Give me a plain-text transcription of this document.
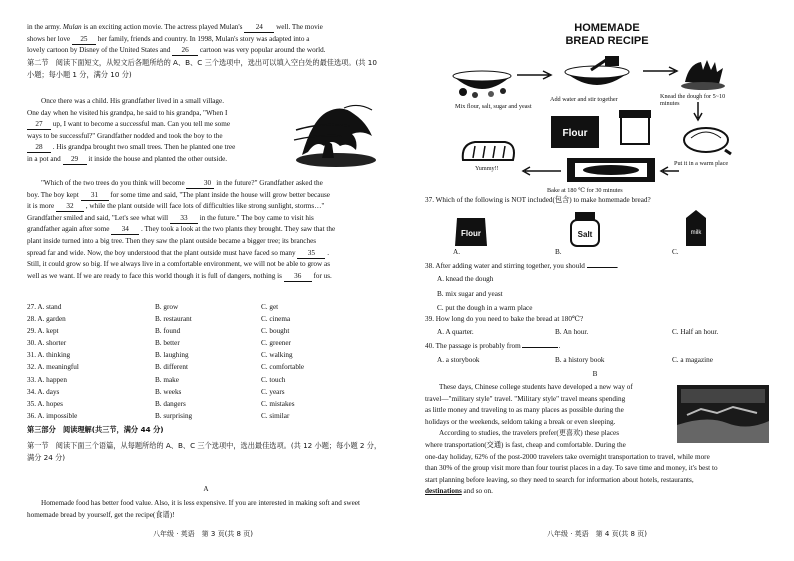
in the army. Mulan is an exciting action movie. The actress played Mulan's 24 well. The movie

shows her love 25 her family, friends and country. In 1998, Mulan's story was adapted into a

lovely cartoon by Disney of the United States and 26 cartoon was very popular around the world.

第二节　阅读下面短文，从短文后各题所给的 A、B、C 三个选项中，选出可以填入空白处的最佳选项。(共 10 小题；每小题 1 分，满分 10 分)

Once there was a child. His grandfather lived in a small village.

One day when he visited his grandpa, he said to his grandpa, "When I

27 up, I want to become a successful man. Can you tell me some

ways to be successful?" Grandfather nodded and took the boy to the

28 . His grandpa brought two small trees. Then he planted one tree

in a pot and 29 it inside the house and planted the other outside.

"Which of the two trees do you think will become	30 in the future?" Grandfather asked the

boy. The boy kept 31 for some time and said, "The plant inside the house will grow better because

it is more 32 , while the plant outside will face lots of difficulties like strong sunlight, storms…"

Grandfather smiled and said, "Let's see what will 33 in the future." The boy came to visit his

grandfather again after some 34 . They took a look at the two plants they brought. They saw that the

plant inside turned into a big tree. Then they saw the plant outside became a bigger tree; its branches

spread far and wide. Now, the boy understood that the plant outside must have faced so many 35 .

Still, it could grow so big. If we always live in a comfortable environment, we will not be able to grow as

well as we want. If we are ready to face this world though it is full of dangers, nothing is 36 for us.

27. A. stand	B. grow	C. get
28. A. garden	B. restaurant	C. cinema
29. A. kept	B. found	C. bought
30. A. shorter	B. better	C. greener
31. A. thinking	B. laughing	C. walking
32. A. meaningful	B. different	C. comfortable
33. A. happen	B. make	C. touch
34. A. days	B. weeks	C. years
35. A. hopes	B. dangers	C. mistakes
36. A. impossible	B. surprising	C. similar
第三部分　阅读理解(共三节，满分 44 分)
第一节　阅读下面三个语篇，从每题所给的 A、B、C 三个选项中，选出最佳选项。(共 12 小题；每小题 2 分，满分 24 分)
A
Homemade food has better food value. Also, it is less expensive. If you are interested in making soft and sweet homemade bread by yourself, get the recipe(食谱)!
八年级 · 英语　第 3 页(共 8 页)
HOMEMADE
BREAD RECIPE
Mix flour, salt, sugar and yeast
Add water and stir together	Knead the dough for 5~10 minutes
Flour
Put it in a warm place
Yummy!!
Bake at 180 ℃ for 30 minutes
37. Which of the following is NOT included(包含) to make homemade bread?
Flour	Salt	milk
A.	B.	C.
38. After adding water and stirring together, you should	.

A. knead the dough

B. mix sugar and yeast

C. put the dough in a warm place

39. How long do you need to bake the bread at 180℃?
A. A quarter.	B. An hour.	C. Half an hour.
40. The passage is probably from	.
A. a storybook	B. a history book	C. a magazine
B

These days, Chinese college students have developed a new way of

travel—"military style" travel. "Military style" travel means spending

as little money and traveling to as many places as possible during the

holidays or the weekends, seldom taking a break or even sleeping.

According to studies, the travelers prefer(更喜欢) these places

where transportation(交通) is fast, cheap and comfortable. During the

one-day holiday, 62% of the post-2000 travelers take overnight transportation to travel, while more

than 30% of the group visit more than four tourist places in a day. To save time and money, it's best to

start planning before leaving, so they need to search for information about hotels, restaurants,

destinations and so on.

八年级 · 英语　第 4 页(共 8 页)
